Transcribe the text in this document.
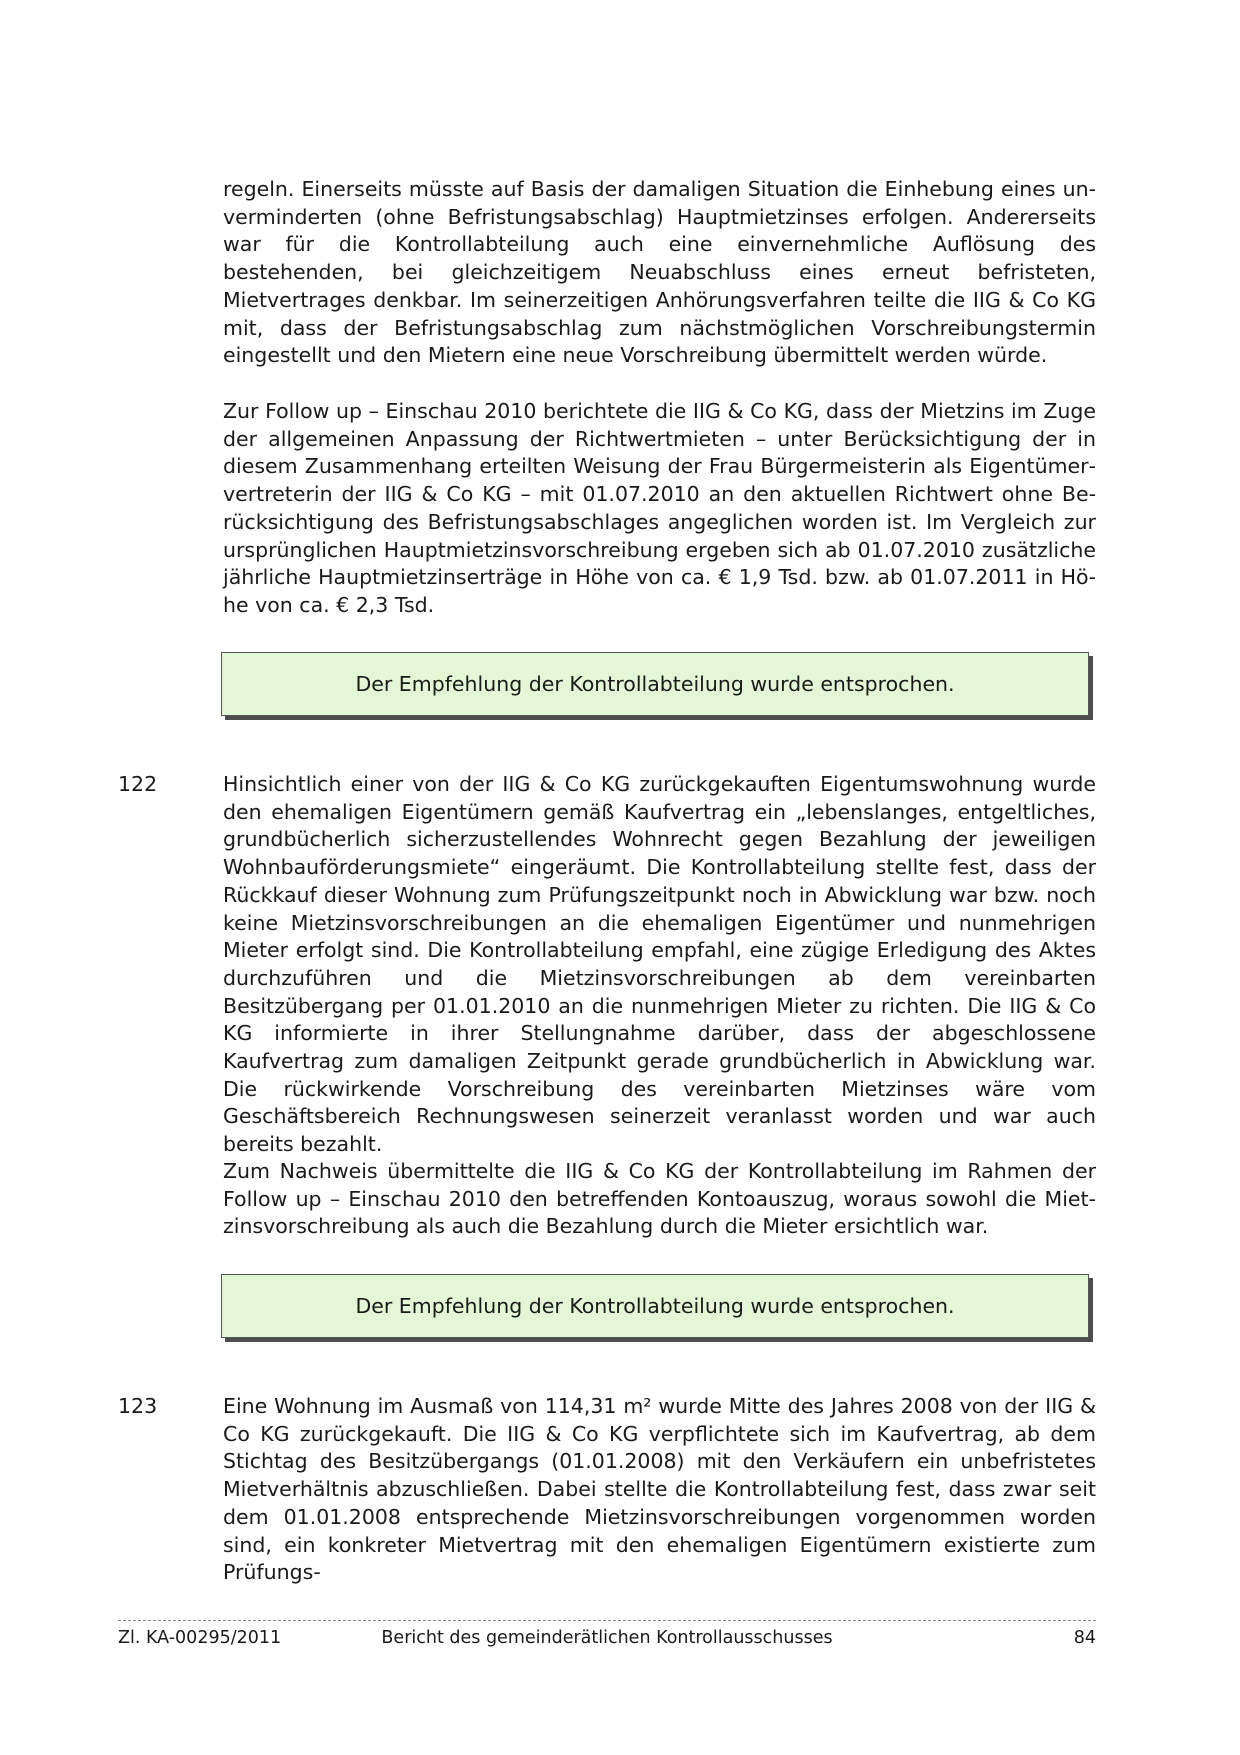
regeln. Einerseits müsste auf Basis der damaligen Situation die Einhebung eines unverminderten (ohne Befristungsabschlag) Hauptmietzinses erfolgen. Andererseits war für die Kontrollabteilung auch eine einvernehmliche Auflösung des bestehenden, bei gleichzeitigem Neuabschluss eines erneut befristeten, Mietvertrages denkbar. Im seinerzeitigen Anhörungsverfahren teilte die IIG & Co KG mit, dass der Befristungsabschlag zum nächstmöglichen Vorschreibungstermin eingestellt und den Mietern eine neue Vorschreibung übermittelt werden würde.
Zur Follow up – Einschau 2010 berichtete die IIG & Co KG, dass der Mietzins im Zuge der allgemeinen Anpassung der Richtwertmieten – unter Berücksichtigung der in diesem Zusammenhang erteilten Weisung der Frau Bürgermeisterin als Eigentümervertreterin der IIG & Co KG – mit 01.07.2010 an den aktuellen Richtwert ohne Berücksichtigung des Befristungsabschlages angeglichen worden ist. Im Vergleich zur ursprünglichen Hauptmietzinsvorschreibung ergeben sich ab 01.07.2010 zusätzliche jährliche Hauptmietzinserträge in Höhe von ca. € 1,9 Tsd. bzw. ab 01.07.2011 in Höhe von ca. € 2,3 Tsd.
Der Empfehlung der Kontrollabteilung wurde entsprochen.
122	Hinsichtlich einer von der IIG & Co KG zurückgekauften Eigentumswohnung wurde den ehemaligen Eigentümern gemäß Kaufvertrag ein „lebenslanges, entgeltliches, grundbücherlich sicherzustellendes Wohnrecht gegen Bezahlung der jeweiligen Wohnbauförderungsmiete“ eingeräumt. Die Kontrollabteilung stellte fest, dass der Rückkauf dieser Wohnung zum Prüfungszeitpunkt noch in Abwicklung war bzw. noch keine Mietzinsvorschreibungen an die ehemaligen Eigentümer und nunmehrigen Mieter erfolgt sind. Die Kontrollabteilung empfahl, eine zügige Erledigung des Aktes durchzuführen und die Mietzinsvorschreibungen ab dem vereinbarten Besitzübergang per 01.01.2010 an die nunmehrigen Mieter zu richten. Die IIG & Co KG informierte in ihrer Stellungnahme darüber, dass der abgeschlossene Kaufvertrag zum damaligen Zeitpunkt gerade grundbücherlich in Abwicklung war. Die rückwirkende Vorschreibung des vereinbarten Mietzinses wäre vom Geschäftsbereich Rechnungswesen seinerzeit veranlasst worden und war auch bereits bezahlt.
Zum Nachweis übermittelte die IIG & Co KG der Kontrollabteilung im Rahmen der Follow up – Einschau 2010 den betreffenden Kontoauszug, woraus sowohl die Mietzinsvorschreibung als auch die Bezahlung durch die Mieter ersichtlich war.
Der Empfehlung der Kontrollabteilung wurde entsprochen.
123	Eine Wohnung im Ausmaß von 114,31 m² wurde Mitte des Jahres 2008 von der IIG & Co KG zurückgekauft. Die IIG & Co KG verpflichtete sich im Kaufvertrag, ab dem Stichtag des Besitzübergangs (01.01.2008) mit den Verkäufern ein unbefristetes Mietverhältnis abzuschließen. Dabei stellte die Kontrollabteilung fest, dass zwar seit dem 01.01.2008 entsprechende Mietzinsvorschreibungen vorgenommen worden sind, ein konkreter Mietvertrag mit den ehemaligen Eigentümern existierte zum Prüfungs-
Zl. KA-00295/2011	Bericht des gemeinderätlichen Kontrollausschusses	84
